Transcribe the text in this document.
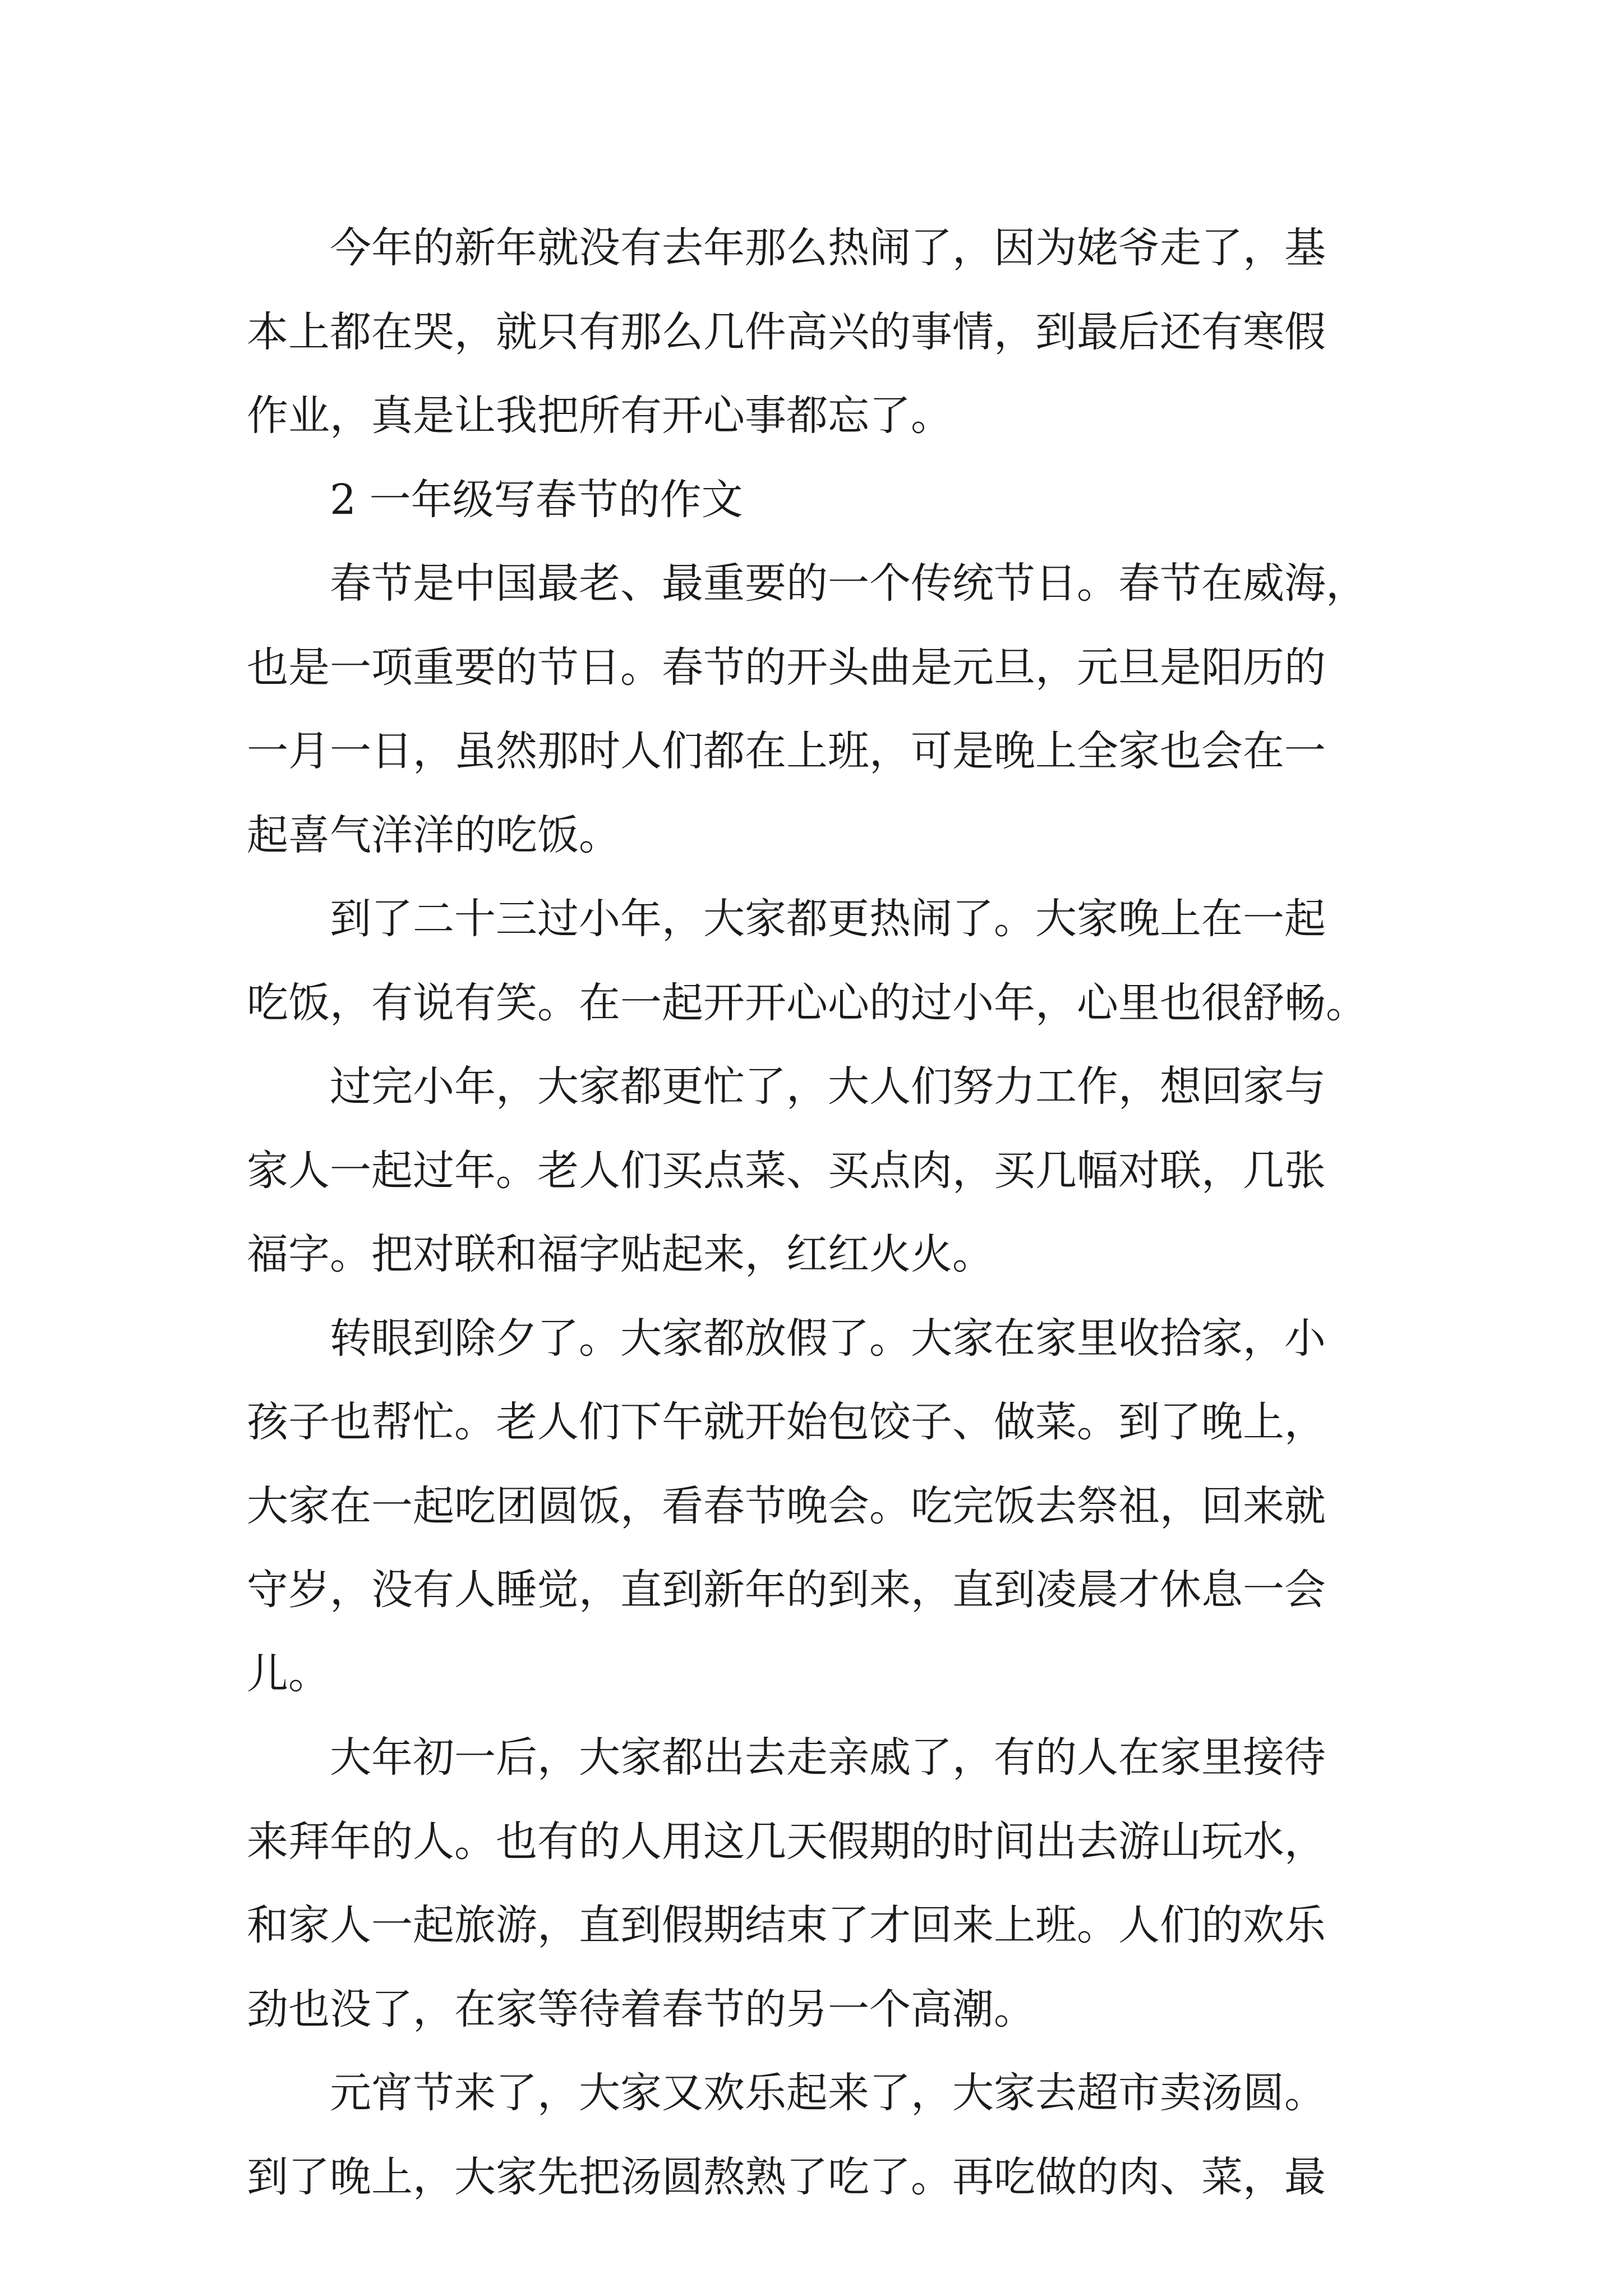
今年的新年就没有去年那么热闹了，因为姥爷走了，基
本上都在哭，就只有那么几件高兴的事情，到最后还有寒假
作业，真是让我把所有开心事都忘了。
2 一年级写春节的作文
春节是中国最老、最重要的一个传统节日。春节在威海，
也是一项重要的节日。春节的开头曲是元旦，元旦是阳历的
一月一日，虽然那时人们都在上班，可是晚上全家也会在一
起喜气洋洋的吃饭。
到了二十三过小年，大家都更热闹了。大家晚上在一起
吃饭，有说有笑。在一起开开心心的过小年，心里也很舒畅。
过完小年，大家都更忙了，大人们努力工作，想回家与
家人一起过年。老人们买点菜、买点肉，买几幅对联，几张
福字。把对联和福字贴起来，红红火火。
转眼到除夕了。大家都放假了。大家在家里收拾家，小
孩子也帮忙。老人们下午就开始包饺子、做菜。到了晚上，
大家在一起吃团圆饭，看春节晚会。吃完饭去祭祖，回来就
守岁，没有人睡觉，直到新年的到来，直到凌晨才休息一会
儿。
大年初一后，大家都出去走亲戚了，有的人在家里接待
来拜年的人。也有的人用这几天假期的时间出去游山玩水，
和家人一起旅游，直到假期结束了才回来上班。人们的欢乐
劲也没了，在家等待着春节的另一个高潮。
元宵节来了，大家又欢乐起来了，大家去超市卖汤圆。
到了晚上，大家先把汤圆熬熟了吃了。再吃做的肉、菜，最
